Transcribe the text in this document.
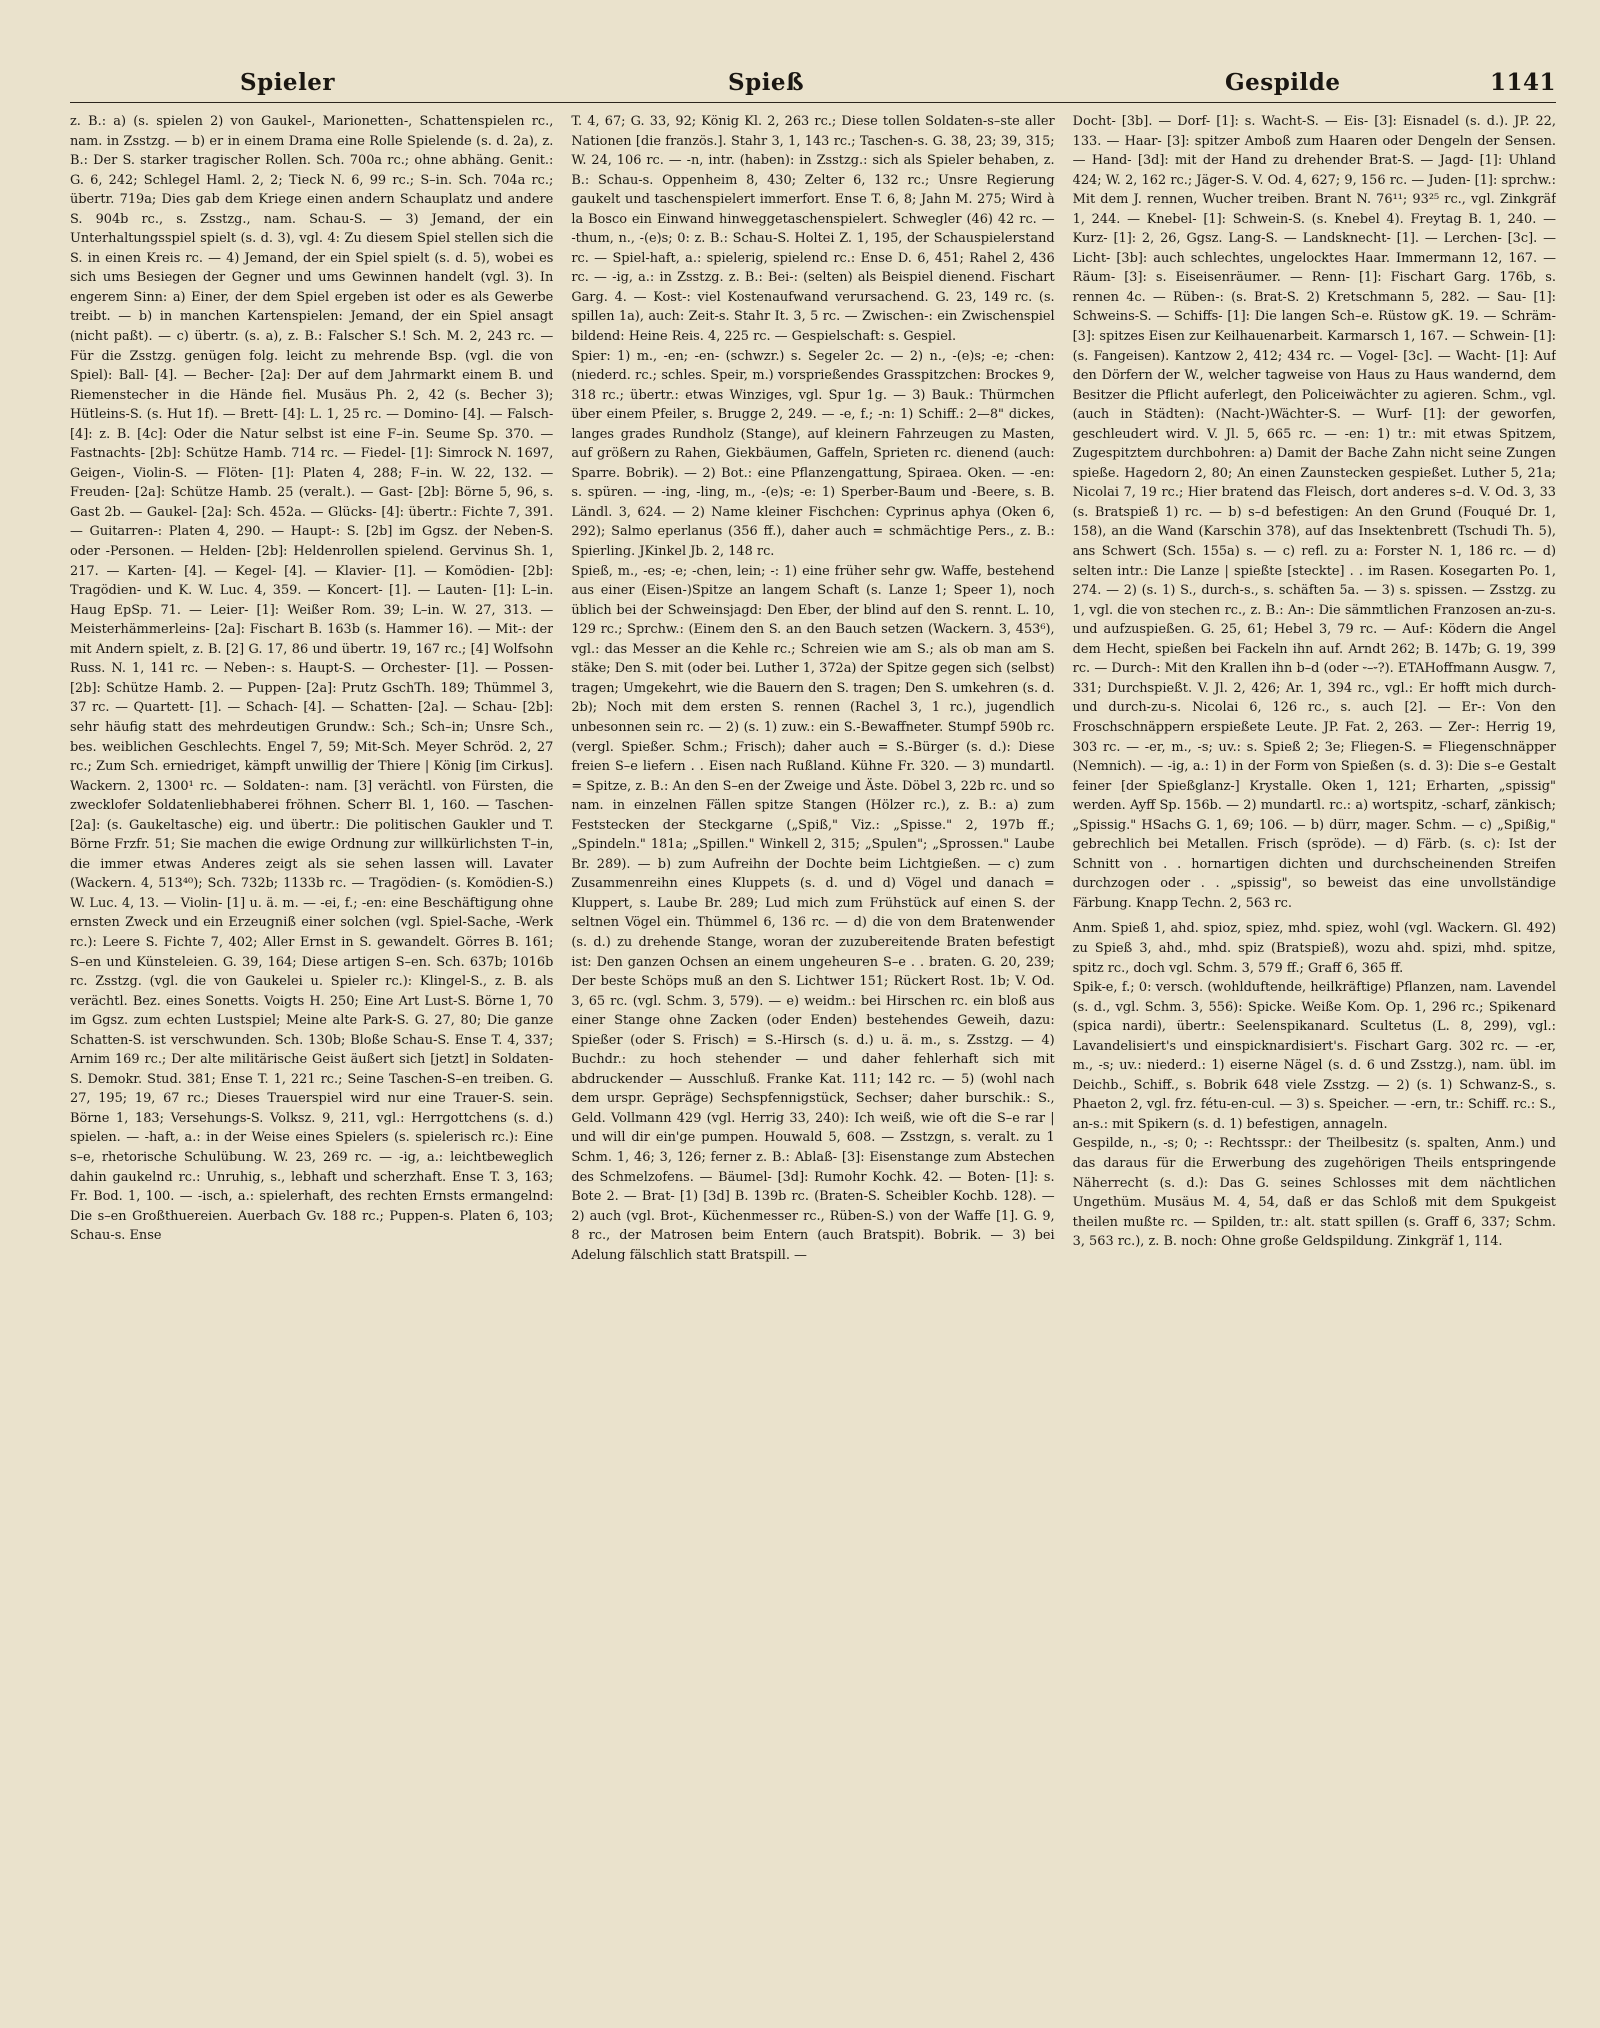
Spieler	Spieß	Gespilde	1141

z. B.: a) (s. spielen 2) von Gaukel-, Marionetten-, Schattenspielen rc., nam. in Zsstzg. — b) er in einem Drama eine Rolle Spielende (s. d. 2a), z. B.: Der S. starker tragischer Rollen. Sch. 700a rc.; ohne abhäng. Genit.: G. 6, 242; Schlegel Haml. 2, 2; Tieck N. 6, 99 rc.; S–in. Sch. 704a rc.; übertr. 719a; Dies gab dem Kriege einen andern Schauplatz und andere S. 904b rc., s. Zsstzg., nam. Schau-S. — 3) Jemand, der ein Unterhaltungsspiel spielt (s. d. 3), vgl. 4: Zu diesem Spiel stellen sich die S. in einen Kreis rc. — 4) Jemand, der ein Spiel spielt (s. d. 5), wobei es sich ums Besiegen der Gegner und ums Gewinnen handelt (vgl. 3). In engerem Sinn: a) Einer, der dem Spiel ergeben ist oder es als Gewerbe treibt. — b) in manchen Kartenspielen: Jemand, der ein Spiel ansagt (nicht paßt). — c) übertr. (s. a), z. B.: Falscher S.! Sch. M. 2, 243 rc. — Für die Zsstzg. genügen folg. leicht zu mehrende Bsp. (vgl. die von Spiel): Ball- [4]. — Becher- [2a]: Der auf dem Jahrmarkt einem B. und Riemenstecher in die Hände fiel. Musäus Ph. 2, 42 (s. Becher 3); Hütleins-S. (s. Hut 1f). — Brett- [4]: L. 1, 25 rc. — Domino- [4]. — Falsch- [4]: z. B. [4c]: Oder die Natur selbst ist eine F–in. Seume Sp. 370. — Fastnachts- [2b]: Schütze Hamb. 714 rc. — Fiedel- [1]: Simrock N. 1697, Geigen-, Violin-S. — Flöten- [1]: Platen 4, 288; F–in. W. 22, 132. — Freuden- [2a]: Schütze Hamb. 25 (veralt.). — Gast- [2b]: Börne 5, 96, s. Gast 2b. — Gaukel- [2a]: Sch. 452a. — Glücks- [4]: übertr.: Fichte 7, 391. — Guitarren-: Platen 4, 290. — Haupt-: S. [2b] im Ggsz. der Neben-S. oder -Personen. — Helden- [2b]: Heldenrollen spielend. Gervinus Sh. 1, 217. — Karten- [4]. — Kegel- [4]. — Klavier- [1]. — Komödien- [2b]: Tragödien- und K. W. Luc. 4, 359. — Koncert- [1]. — Lauten- [1]: L–in. Haug EpSp. 71. — Leier- [1]: Weißer Rom. 39; L–in. W. 27, 313. — Meisterhämmerleins- [2a]: Fischart B. 163b (s. Hammer 16). — Mit-: der mit Andern spielt, z. B. [2] G. 17, 86 und übertr. 19, 167 rc.; [4] Wolfsohn Russ. N. 1, 141 rc. — Neben-: s. Haupt-S. — Orchester- [1]. — Possen- [2b]: Schütze Hamb. 2. — Puppen- [2a]: Prutz GschTh. 189; Thümmel 3, 37 rc. — Quartett- [1]. — Schach- [4]. — Schatten- [2a]. — Schau- [2b]: sehr häufig statt des mehrdeutigen Grundw.: Sch.; Sch–in; Unsre Sch., bes. weiblichen Geschlechts. Engel 7, 59; Mit-Sch. Meyer Schröd. 2, 27 rc.; Zum Sch. erniedriget, kämpft unwillig der Thiere | König [im Cirkus]. Wackern. 2, 1300¹ rc. — Soldaten-: nam. [3] verächtl. von Fürsten, die zwecklofer Soldatenliebhaberei fröhnen. Scherr Bl. 1, 160. — Taschen- [2a]: (s. Gaukeltasche) eig. und übertr.: Die politischen Gaukler und T. Börne Frzfr. 51; Sie machen die ewige Ordnung zur willkürlichsten T–in, die immer etwas Anderes zeigt als sie sehen lassen will. Lavater (Wackern. 4, 513⁴⁰); Sch. 732b; 1133b rc. — Tragödien- (s. Komödien-S.) W. Luc. 4, 13. — Violin- [1] u. ä. m. — -ei, f.; -en: eine Beschäftigung ohne ernsten Zweck und ein Erzeugniß einer solchen (vgl. Spiel-Sache, -Werk rc.): Leere S. Fichte 7, 402; Aller Ernst in S. gewandelt. Görres B. 161; S–en und Künsteleien. G. 39, 164; Diese artigen S–en. Sch. 637b; 1016b rc. Zsstzg. (vgl. die von Gaukelei u. Spieler rc.): Klingel-S., z. B. als verächtl. Bez. eines Sonetts. Voigts H. 250; Eine Art Lust-S. Börne 1, 70 im Ggsz. zum echten Lustspiel; Meine alte Park-S. G. 27, 80; Die ganze Schatten-S. ist verschwunden. Sch. 130b; Bloße Schau-S. Ense T. 4, 337; Arnim 169 rc.; Der alte militärische Geist äußert sich [jetzt] in Soldaten-S. Demokr. Stud. 381; Ense T. 1, 221 rc.; Seine Taschen-S–en treiben. G. 27, 195; 19, 67 rc.; Dieses Trauerspiel wird nur eine Trauer-S. sein. Börne 1, 183; Versehungs-S. Volksz. 9, 211, vgl.: Herrgottchens (s. d.) spielen. — -haft, a.: in der Weise eines Spielers (s. spielerisch rc.): Eine s–e, rhetorische Schulübung. W. 23, 269 rc. — -ig, a.: leichtbeweglich dahin gaukelnd rc.: Unruhig, s., lebhaft und scherzhaft. Ense T. 3, 163; Fr. Bod. 1, 100. — -isch, a.: spielerhaft, des rechten Ernsts ermangelnd: Die s–en Großthuereien. Auerbach Gv. 188 rc.; Puppen-s. Platen 6, 103; Schau-s. Ense

T. 4, 67; G. 33, 92; König Kl. 2, 263 rc.; Diese tollen Soldaten-s–ste aller Nationen [die französ.]. Stahr 3, 1, 143 rc.; Taschen-s. G. 38, 23; 39, 315; W. 24, 106 rc. — -n, intr. (haben): in Zsstzg.: sich als Spieler behaben, z. B.: Schau-s. Oppenheim 8, 430; Zelter 6, 132 rc.; Unsre Regierung gaukelt und taschenspielert immerfort. Ense T. 6, 8; Jahn M. 275; Wird à la Bosco ein Einwand hinweggetaschenspielert. Schwegler (46) 42 rc. — -thum, n., -(e)s; 0: z. B.: Schau-S. Holtei Z. 1, 195, der Schauspielerstand rc. — Spiel-haft, a.: spielerig, spielend rc.: Ense D. 6, 451; Rahel 2, 436 rc. — -ig, a.: in Zsstzg. z. B.: Bei-: (selten) als Beispiel dienend. Fischart Garg. 4. — Kost-: viel Kostenaufwand verursachend. G. 23, 149 rc. (s. spillen 1a), auch: Zeit-s. Stahr It. 3, 5 rc. — Zwischen-: ein Zwischenspiel bildend: Heine Reis. 4, 225 rc. — Gespielschaft: s. Gespiel.

Spier: 1) m., -en; -en- (schwzr.) s. Segeler 2c. — 2) n., -(e)s; -e; -chen: (niederd. rc.; schles. Speir, m.) vorsprießendes Grasspitzchen: Brockes 9, 318 rc.; übertr.: etwas Winziges, vgl. Spur 1g. — 3) Bauk.: Thürmchen über einem Pfeiler, s. Brugge 2, 249. — -e, f.; -n: 1) Schiff.: 2—8" dickes, langes grades Rundholz (Stange), auf kleinern Fahrzeugen zu Masten, auf größern zu Rahen, Giekbäumen, Gaffeln, Sprieten rc. dienend (auch: Sparre. Bobrik). — 2) Bot.: eine Pflanzengattung, Spiraea. Oken. — -en: s. spüren. — -ing, -ling, m., -(e)s; -e: 1) Sperber-Baum und -Beere, s. B. Ländl. 3, 624. — 2) Name kleiner Fischchen: Cyprinus aphya (Oken 6, 292); Salmo eperlanus (356 ff.), daher auch = schmächtige Pers., z. B.: Spierling. JKinkel Jb. 2, 148 rc.

Spieß, m., -es; -e; -chen, lein; -: 1) eine früher sehr gw. Waffe, bestehend aus einer (Eisen-)Spitze an langem Schaft (s. Lanze 1; Speer 1), noch üblich bei der Schweinsjagd: Den Eber, der blind auf den S. rennt. L. 10, 129 rc.; Sprchw.: (Einem den S. an den Bauch setzen (Wackern. 3, 453⁶), vgl.: das Messer an die Kehle rc.; Schreien wie am S.; als ob man am S. stäke; Den S. mit (oder bei. Luther 1, 372a) der Spitze gegen sich (selbst) tragen; Umgekehrt, wie die Bauern den S. tragen; Den S. umkehren (s. d. 2b); Noch mit dem ersten S. rennen (Rachel 3, 1 rc.), jugendlich unbesonnen sein rc. — 2) (s. 1) zuw.: ein S.-Bewaffneter. Stumpf 590b rc. (vergl. Spießer. Schm.; Frisch); daher auch = S.-Bürger (s. d.): Diese freien S–e liefern . . Eisen nach Rußland. Kühne Fr. 320. — 3) mundartl. = Spitze, z. B.: An den S–en der Zweige und Äste. Döbel 3, 22b rc. und so nam. in einzelnen Fällen spitze Stangen (Hölzer rc.), z. B.: a) zum Feststecken der Steckgarne („Spiß," Viz.: „Spisse." 2, 197b ff.; „Spindeln." 181a; „Spillen." Winkell 2, 315; „Spulen"; „Sprossen." Laube Br. 289). — b) zum Aufreihn der Dochte beim Lichtgießen. — c) zum Zusammenreihn eines Kluppets (s. d. und d) Vögel und danach = Kluppert, s. Laube Br. 289; Lud mich zum Frühstück auf einen S. der seltnen Vögel ein. Thümmel 6, 136 rc. — d) die von dem Bratenwender (s. d.) zu drehende Stange, woran der zuzubereitende Braten befestigt ist: Den ganzen Ochsen an einem ungeheuren S–e . . braten. G. 20, 239; Der beste Schöps muß an den S. Lichtwer 151; Rückert Rost. 1b; V. Od. 3, 65 rc. (vgl. Schm. 3, 579). — e) weidm.: bei Hirschen rc. ein bloß aus einer Stange ohne Zacken (oder Enden) bestehendes Geweih, dazu: Spießer (oder S. Frisch) = S.-Hirsch (s. d.) u. ä. m., s. Zsstzg. — 4) Buchdr.: zu hoch stehender — und daher fehlerhaft sich mit abdruckender — Ausschluß. Franke Kat. 111; 142 rc. — 5) (wohl nach dem urspr. Gepräge) Sechspfennigstück, Sechser; daher burschik.: S., Geld. Vollmann 429 (vgl. Herrig 33, 240): Ich weiß, wie oft die S–e rar | und will dir ein'ge pumpen. Houwald 5, 608. — Zsstzgn, s. veralt. zu 1 Schm. 1, 46; 3, 126; ferner z. B.: Ablaß- [3]: Eisenstange zum Abstechen des Schmelzofens. — Bäumel- [3d]: Rumohr Kochk. 42. — Boten- [1]: s. Bote 2. — Brat- [1) [3d] B. 139b rc. (Braten-S. Scheibler Kochb. 128). — 2) auch (vgl. Brot-, Küchenmesser rc., Rüben-S.) von der Waffe [1]. G. 9, 8 rc., der Matrosen beim Entern (auch Bratspit). Bobrik. — 3) bei Adelung fälschlich statt Bratspill. —

Docht- [3b]. — Dorf- [1]: s. Wacht-S. — Eis- [3]: Eisnadel (s. d.). JP. 22, 133. — Haar- [3]: spitzer Amboß zum Haaren oder Dengeln der Sensen. — Hand- [3d]: mit der Hand zu drehender Brat-S. — Jagd- [1]: Uhland 424; W. 2, 162 rc.; Jäger-S. V. Od. 4, 627; 9, 156 rc. — Juden- [1]: sprchw.: Mit dem J. rennen, Wucher treiben. Brant N. 76¹¹; 93²⁵ rc., vgl. Zinkgräf 1, 244. — Knebel- [1]: Schwein-S. (s. Knebel 4). Freytag B. 1, 240. — Kurz- [1]: 2, 26, Ggsz. Lang-S. — Landsknecht- [1]. — Lerchen- [3c]. — Licht- [3b]: auch schlechtes, ungelocktes Haar. Immermann 12, 167. — Räum- [3]: s. Eiseisenräumer. — Renn- [1]: Fischart Garg. 176b, s. rennen 4c. — Rüben-: (s. Brat-S. 2) Kretschmann 5, 282. — Sau- [1]: Schweins-S. — Schiffs- [1]: Die langen Sch–e. Rüstow gK. 19. — Schräm- [3]: spitzes Eisen zur Keilhauenarbeit. Karmarsch 1, 167. — Schwein- [1]: (s. Fangeisen). Kantzow 2, 412; 434 rc. — Vogel- [3c]. — Wacht- [1]: Auf den Dörfern der W., welcher tagweise von Haus zu Haus wandernd, dem Besitzer die Pflicht auferlegt, den Policeiwächter zu agieren. Schm., vgl. (auch in Städten): (Nacht-)Wächter-S. — Wurf- [1]: der geworfen, geschleudert wird. V. Jl. 5, 665 rc. — -en: 1) tr.: mit etwas Spitzem, Zugespitztem durchbohren: a) Damit der Bache Zahn nicht seine Zungen spieße. Hagedorn 2, 80; An einen Zaunstecken gespießet. Luther 5, 21a; Nicolai 7, 19 rc.; Hier bratend das Fleisch, dort anderes s–d. V. Od. 3, 33 (s. Bratspieß 1) rc. — b) s–d befestigen: An den Grund (Fouqué Dr. 1, 158), an die Wand (Karschin 378), auf das Insektenbrett (Tschudi Th. 5), ans Schwert (Sch. 155a) s. — c) refl. zu a: Forster N. 1, 186 rc. — d) selten intr.: Die Lanze | spießte [steckte] . . im Rasen. Kosegarten Po. 1, 274. — 2) (s. 1) S., durch-s., s. schäften 5a. — 3) s. spissen. — Zsstzg. zu 1, vgl. die von stechen rc., z. B.: An-: Die sämmtlichen Franzosen an-zu-s. und aufzuspießen. G. 25, 61; Hebel 3, 79 rc. — Auf-: Ködern die Angel dem Hecht, spießen bei Fackeln ihn auf. Arndt 262; B. 147b; G. 19, 399 rc. — Durch-: Mit den Krallen ihn b–d (oder ⏑–⏑?). ETAHoffmann Ausgw. 7, 331; Durchspießt. V. Jl. 2, 426; Ar. 1, 394 rc., vgl.: Er hofft mich durch- und durch-zu-s. Nicolai 6, 126 rc., s. auch [2]. — Er-: Von den Froschschnäppern erspießete Leute. JP. Fat. 2, 263. — Zer-: Herrig 19, 303 rc. — -er, m., -s; uv.: s. Spieß 2; 3e; Fliegen-S. = Fliegenschnäpper (Nemnich). — -ig, a.: 1) in der Form von Spießen (s. d. 3): Die s–e Gestalt feiner [der Spießglanz-] Krystalle. Oken 1, 121; Erharten, „spissig" werden. Ayff Sp. 156b. — 2) mundartl. rc.: a) wortspitz, -scharf, zänkisch; „Spissig." HSachs G. 1, 69; 106. — b) dürr, mager. Schm. — c) „Spißig," gebrechlich bei Metallen. Frisch (spröde). — d) Färb. (s. c): Ist der Schnitt von . . hornartigen dichten und durchscheinenden Streifen durchzogen oder . . „spissig", so beweist das eine unvollständige Färbung. Knapp Techn. 2, 563 rc.

Anm. Spieß 1, ahd. spioz, spiez, mhd. spiez, wohl (vgl. Wackern. Gl. 492) zu Spieß 3, ahd., mhd. spiz (Bratspieß), wozu ahd. spizi, mhd. spitze, spitz rc., doch vgl. Schm. 3, 579 ff.; Graff 6, 365 ff.

Spik-e, f.; 0: versch. (wohlduftende, heilkräftige) Pflanzen, nam. Lavendel (s. d., vgl. Schm. 3, 556): Spicke. Weiße Kom. Op. 1, 296 rc.; Spikenard (spica nardi), übertr.: Seelenspikanard. Scultetus (L. 8, 299), vgl.: Lavandelisiert's und einspicknardisiert's. Fischart Garg. 302 rc. — -er, m., -s; uv.: niederd.: 1) eiserne Nägel (s. d. 6 und Zsstzg.), nam. übl. im Deichb., Schiff., s. Bobrik 648 viele Zsstzg. — 2) (s. 1) Schwanz-S., s. Phaeton 2, vgl. frz. fétu-en-cul. — 3) s. Speicher. — -ern, tr.: Schiff. rc.: S., an-s.: mit Spikern (s. d. 1) befestigen, annageln.

Gespilde, n., -s; 0; -: Rechtsspr.: der Theilbesitz (s. spalten, Anm.) und das daraus für die Erwerbung des zugehörigen Theils entspringende Näherrecht (s. d.): Das G. seines Schlosses mit dem nächtlichen Ungethüm. Musäus M. 4, 54, daß er das Schloß mit dem Spukgeist theilen mußte rc. — Spilden, tr.: alt. statt spillen (s. Graff 6, 337; Schm. 3, 563 rc.), z. B. noch: Ohne große Geldspildung. Zinkgräf 1, 114.
